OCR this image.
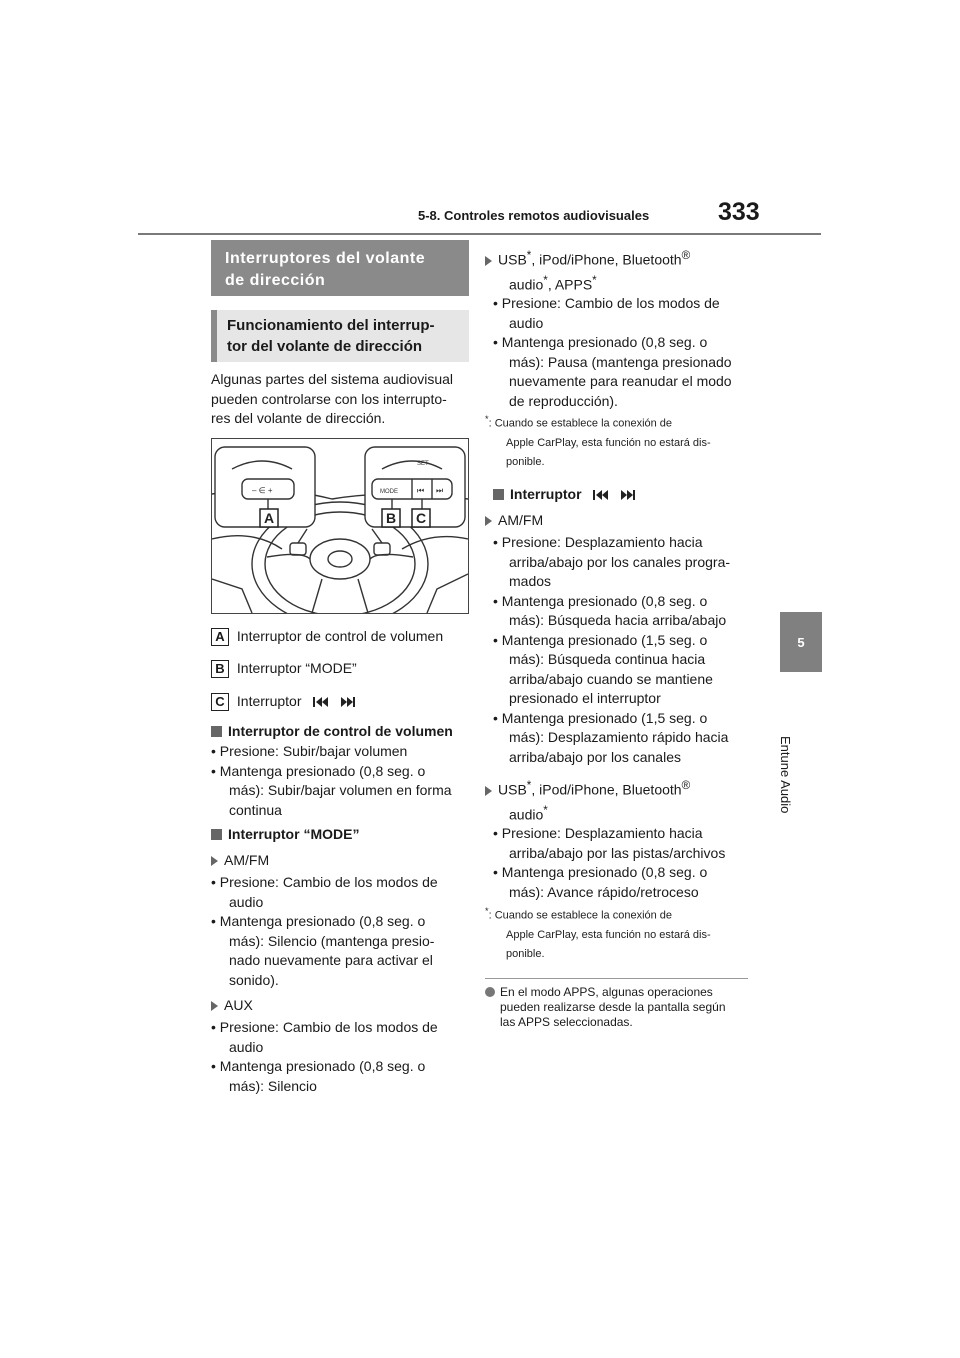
5-8. Controles remotos audiovisuales	333
5
Entune Audio
Interruptores del volante
de dirección
Funcionamiento del interrup-
tor del volante de dirección
Algunas partes del sistema audiovisual
pueden controlarse con los interrupto-
res del volante de dirección.
– ∈ +	MODE ⏮ ⏭
SET
A	B C
A Interruptor de control de volumen
B Interruptor “MODE”
C Interruptor
Interruptor de control de volumen
• Presione: Subir/bajar volumen
• Mantenga presionado (0,8 seg. o
más): Subir/bajar volumen en forma
continua
Interruptor “MODE”
AM/FM
• Presione: Cambio de los modos de
audio
• Mantenga presionado (0,8 seg. o
más): Silencio (mantenga presio-
nado nuevamente para activar el
sonido).
AUX
• Presione: Cambio de los modos de
audio
• Mantenga presionado (0,8 seg. o
más): Silencio
USB*, iPod/iPhone, Bluetooth®
audio*, APPS*
• Presione: Cambio de los modos de
audio
• Mantenga presionado (0,8 seg. o
más): Pausa (mantenga presionado
nuevamente para reanudar el modo
de reproducción).
*: Cuando se establece la conexión de
Apple CarPlay, esta función no estará dis-
ponible.
Interruptor
AM/FM
• Presione: Desplazamiento hacia
arriba/abajo por los canales progra-
mados
• Mantenga presionado (0,8 seg. o
más): Búsqueda hacia arriba/abajo
• Mantenga presionado (1,5 seg. o
más): Búsqueda continua hacia
arriba/abajo cuando se mantiene
presionado el interruptor
• Mantenga presionado (1,5 seg. o
más): Desplazamiento rápido hacia
arriba/abajo por los canales
USB*, iPod/iPhone, Bluetooth®
audio*
• Presione: Desplazamiento hacia
arriba/abajo por las pistas/archivos
• Mantenga presionado (0,8 seg. o
más): Avance rápido/retroceso
*: Cuando se establece la conexión de
Apple CarPlay, esta función no estará dis-
ponible.
En el modo APPS, algunas operaciones
pueden realizarse desde la pantalla según
las APPS seleccionadas.
